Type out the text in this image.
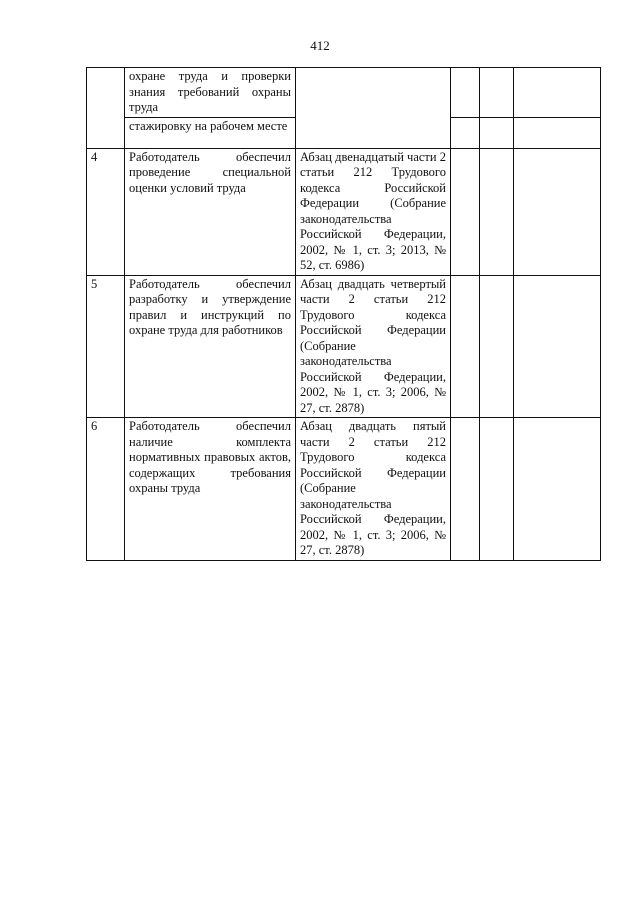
412
	охране труда и проверки знания требований охраны труда				
	стажировку на рабочем месте				
4	Работодатель обеспечил проведение специальной оценки условий труда	Абзац двенадцатый части 2 статьи 212 Трудового кодекса Российской Федерации (Собрание законодательства Российской Федерации, 2002, № 1, ст. 3; 2013, № 52, ст. 6986)			
5	Работодатель обеспечил разработку и утверждение правил и инструкций по охране труда для работников	Абзац двадцать четвертый части 2 статьи 212 Трудового кодекса Российской Федерации (Собрание законодательства Российской Федерации, 2002, № 1, ст. 3; 2006, № 27, ст. 2878)			
6	Работодатель обеспечил наличие комплекта нормативных правовых актов, содержащих требования охраны труда	Абзац двадцать пятый части 2 статьи 212 Трудового кодекса Российской Федерации (Собрание законодательства Российской Федерации, 2002, № 1, ст. 3; 2006, № 27, ст. 2878)			
